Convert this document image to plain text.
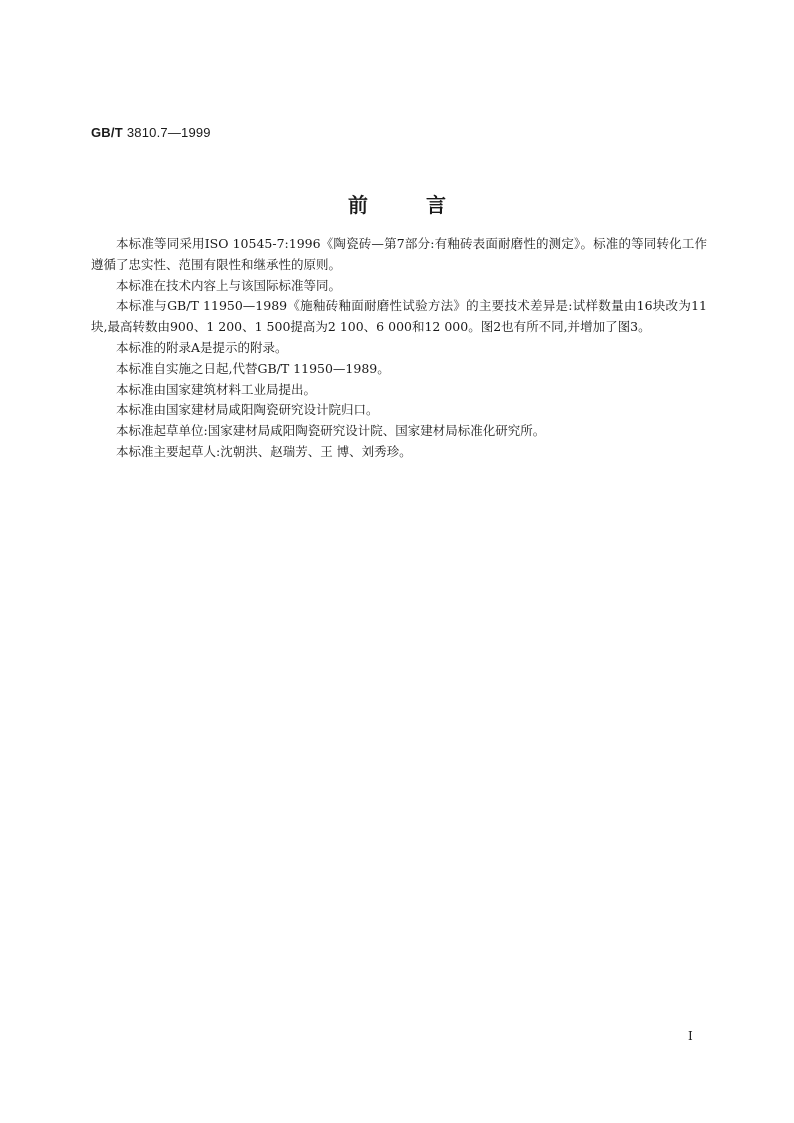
GB/T 3810.7—1999
前言

本标准等同采用ISO 10545-7:1996《陶瓷砖—第7部分:有釉砖表面耐磨性的测定》。标准的等同转化工作遵循了忠实性、范围有限性和继承性的原则。

本标准在技术内容上与该国际标准等同。

本标准与GB/T 11950—1989《施釉砖釉面耐磨性试验方法》的主要技术差异是:试样数量由16块改为11块,最高转数由900、1 200、1 500提高为2 100、6 000和12 000。图2也有所不同,并增加了图3。

本标准的附录A是提示的附录。

本标准自实施之日起,代替GB/T 11950—1989。

本标准由国家建筑材料工业局提出。

本标准由国家建材局咸阳陶瓷研究设计院归口。

本标准起草单位:国家建材局咸阳陶瓷研究设计院、国家建材局标准化研究所。

本标准主要起草人:沈朝洪、赵瑞芳、王 博、刘秀珍。

I
